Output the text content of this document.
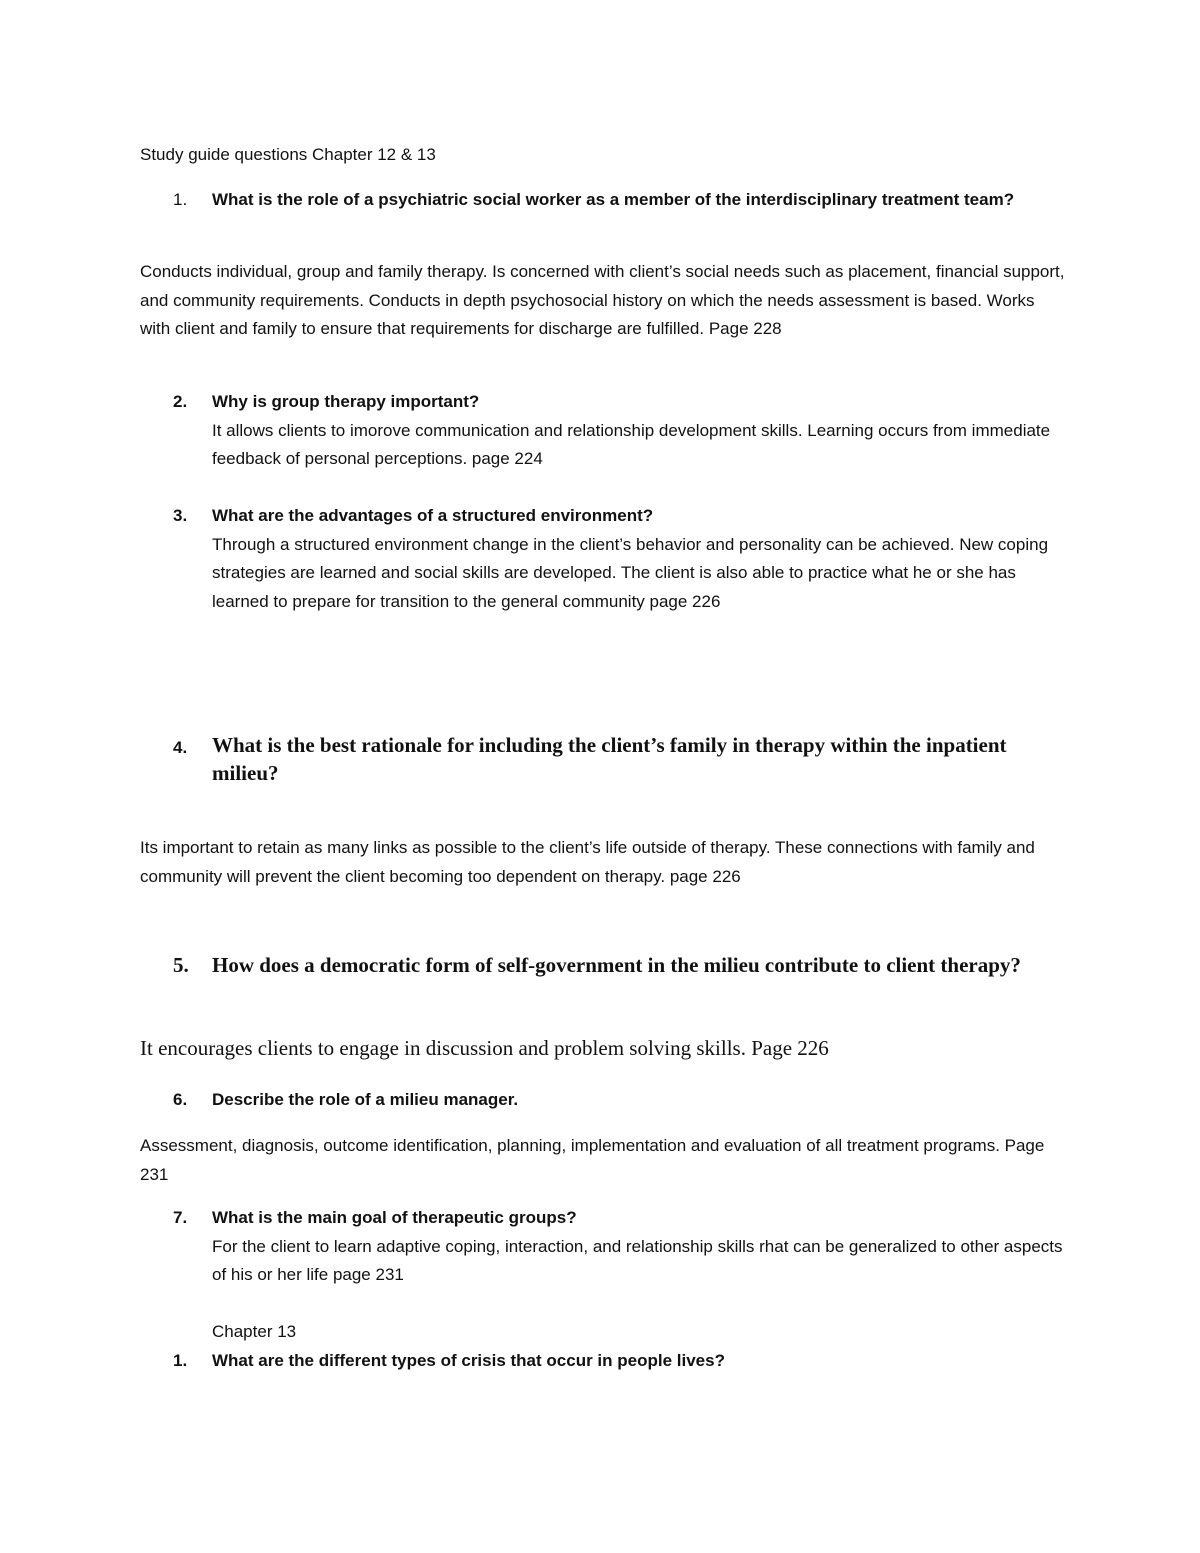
Study guide questions Chapter 12 & 13

1.	What is the role of a psychiatric social worker as a member of the interdisciplinary treatment team?

Conducts individual, group and family therapy. Is concerned with client’s social needs such as placement, financial support, and community requirements. Conducts in depth psychosocial history on which the needs assessment is based. Works with client and family to ensure that requirements for discharge are fulfilled. Page 228

2.	Why is group therapy important?
It allows clients to imorove communication and relationship development skills. Learning occurs from immediate feedback of personal perceptions. page 224
3.	What are the advantages of a structured environment?
Through a structured environment change in the client’s behavior and personality can be achieved. New coping strategies are learned and social skills are developed. The client is also able to practice what he or she has learned to prepare for transition to the general community page 226
4.	What is the best rationale for including the client’s family in therapy within the inpatient milieu?

Its important to retain as many links as possible to the client’s life outside of therapy. These connections with family and community will prevent the client becoming too dependent on therapy. page 226

5.	How does a democratic form of self-government in the milieu contribute to client therapy?

It encourages clients to engage in discussion and problem solving skills. Page 226

6.	Describe the role of a milieu manager.

Assessment, diagnosis, outcome identification, planning, implementation and evaluation of all treatment programs. Page 231

7.	What is the main goal of therapeutic groups?
For the client to learn adaptive coping, interaction, and relationship skills rhat can be generalized to other aspects of his or her life page 231

Chapter 13

1.	What are the different types of crisis that occur in people lives?
